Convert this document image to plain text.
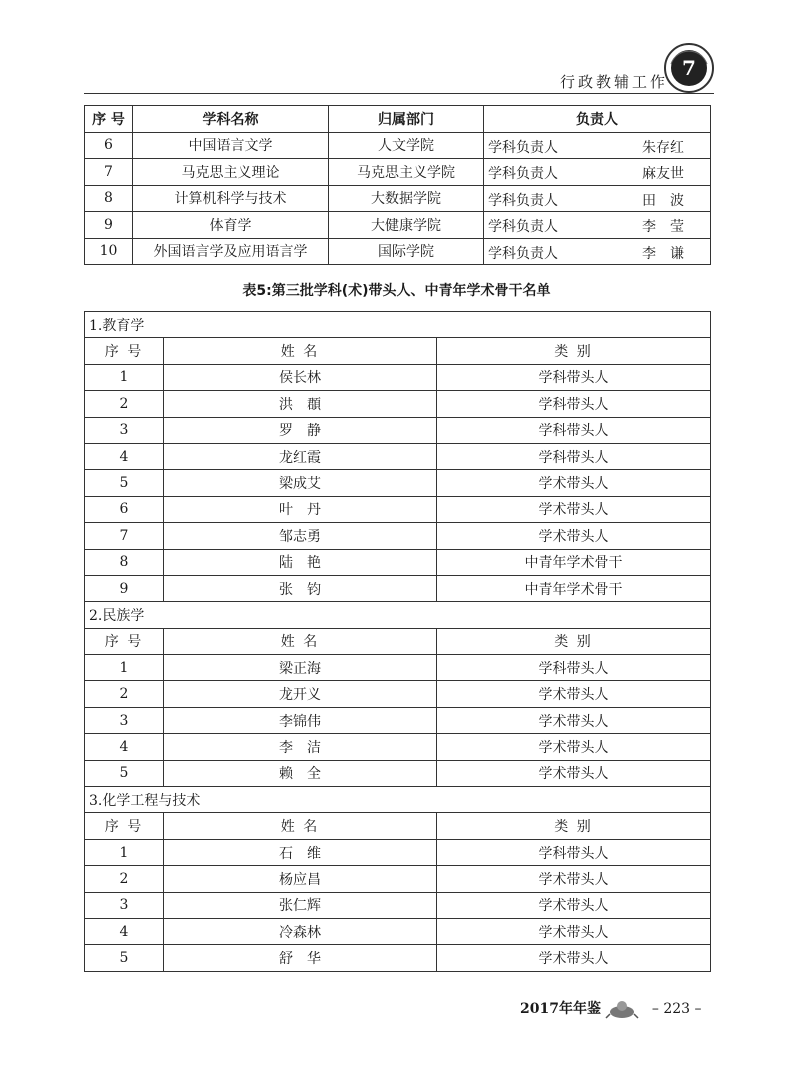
行政教辅工作
7
序 号	学科名称	归属部门	负责人
6	中国语言文学	人文学院	学科负责人 朱存红

7	马克思主义理论	马克思主义学院	学科负责人 麻友世

8	计算机科学与技术	大数据学院	学科负责人 田　波

9	体育学	大健康学院	学科负责人 李　莹

10	外国语言学及应用语言学	国际学院	学科负责人 李　谦
表5:第三批学科(术)带头人、中青年学术骨干名单
1.教育学		
序 号	姓 名	类 别
1	侯长林	学科带头人
2	洪　頵	学科带头人
3	罗　静	学科带头人
4	龙红霞	学科带头人
5	梁成艾	学术带头人
6	叶　丹	学术带头人
7	邹志勇	学术带头人
8	陆　艳	中青年学术骨干
9	张　钧	中青年学术骨干
2.民族学		
序 号	姓 名	类 别
1	梁正海	学科带头人
2	龙开义	学术带头人
3	李锦伟	学术带头人
4	李　洁	学术带头人
5	赖　全	学术带头人
3.化学工程与技术		
序 号	姓 名	类 别
1	石　维	学科带头人
2	杨应昌	学术带头人
3	张仁辉	学术带头人
4	冷森林	学术带头人
5	舒　华	学术带头人
2017年年鉴	– 223 –
